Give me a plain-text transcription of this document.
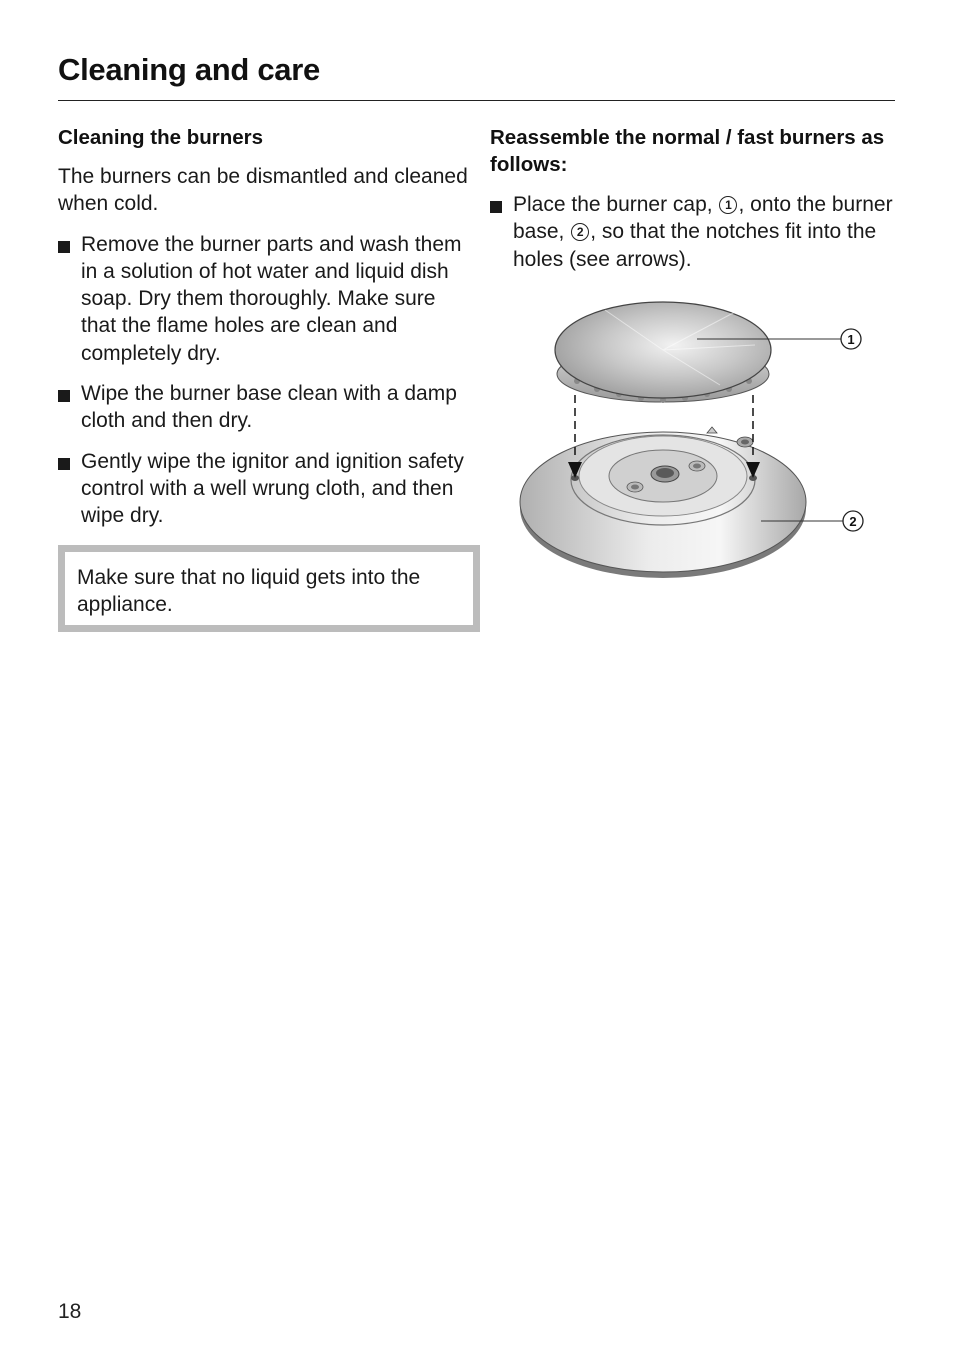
Cleaning and care
Cleaning the burners

The burners can be dismantled and cleaned when cold.

Remove the burner parts and wash them in a solution of hot water and liquid dish soap. Dry them thoroughly. Make sure that the flame holes are clean and completely dry.
Wipe the burner base clean with a damp cloth and then dry.
Gently wipe the ignitor and ignition safety control with a well wrung cloth, and then wipe dry.
Make sure that no liquid gets into the appliance.
Reassemble the normal / fast burners as follows:
Place the burner cap, 1 , onto the burner base, 2 , so that the notches fit into the holes (see arrows).
1
2
18
